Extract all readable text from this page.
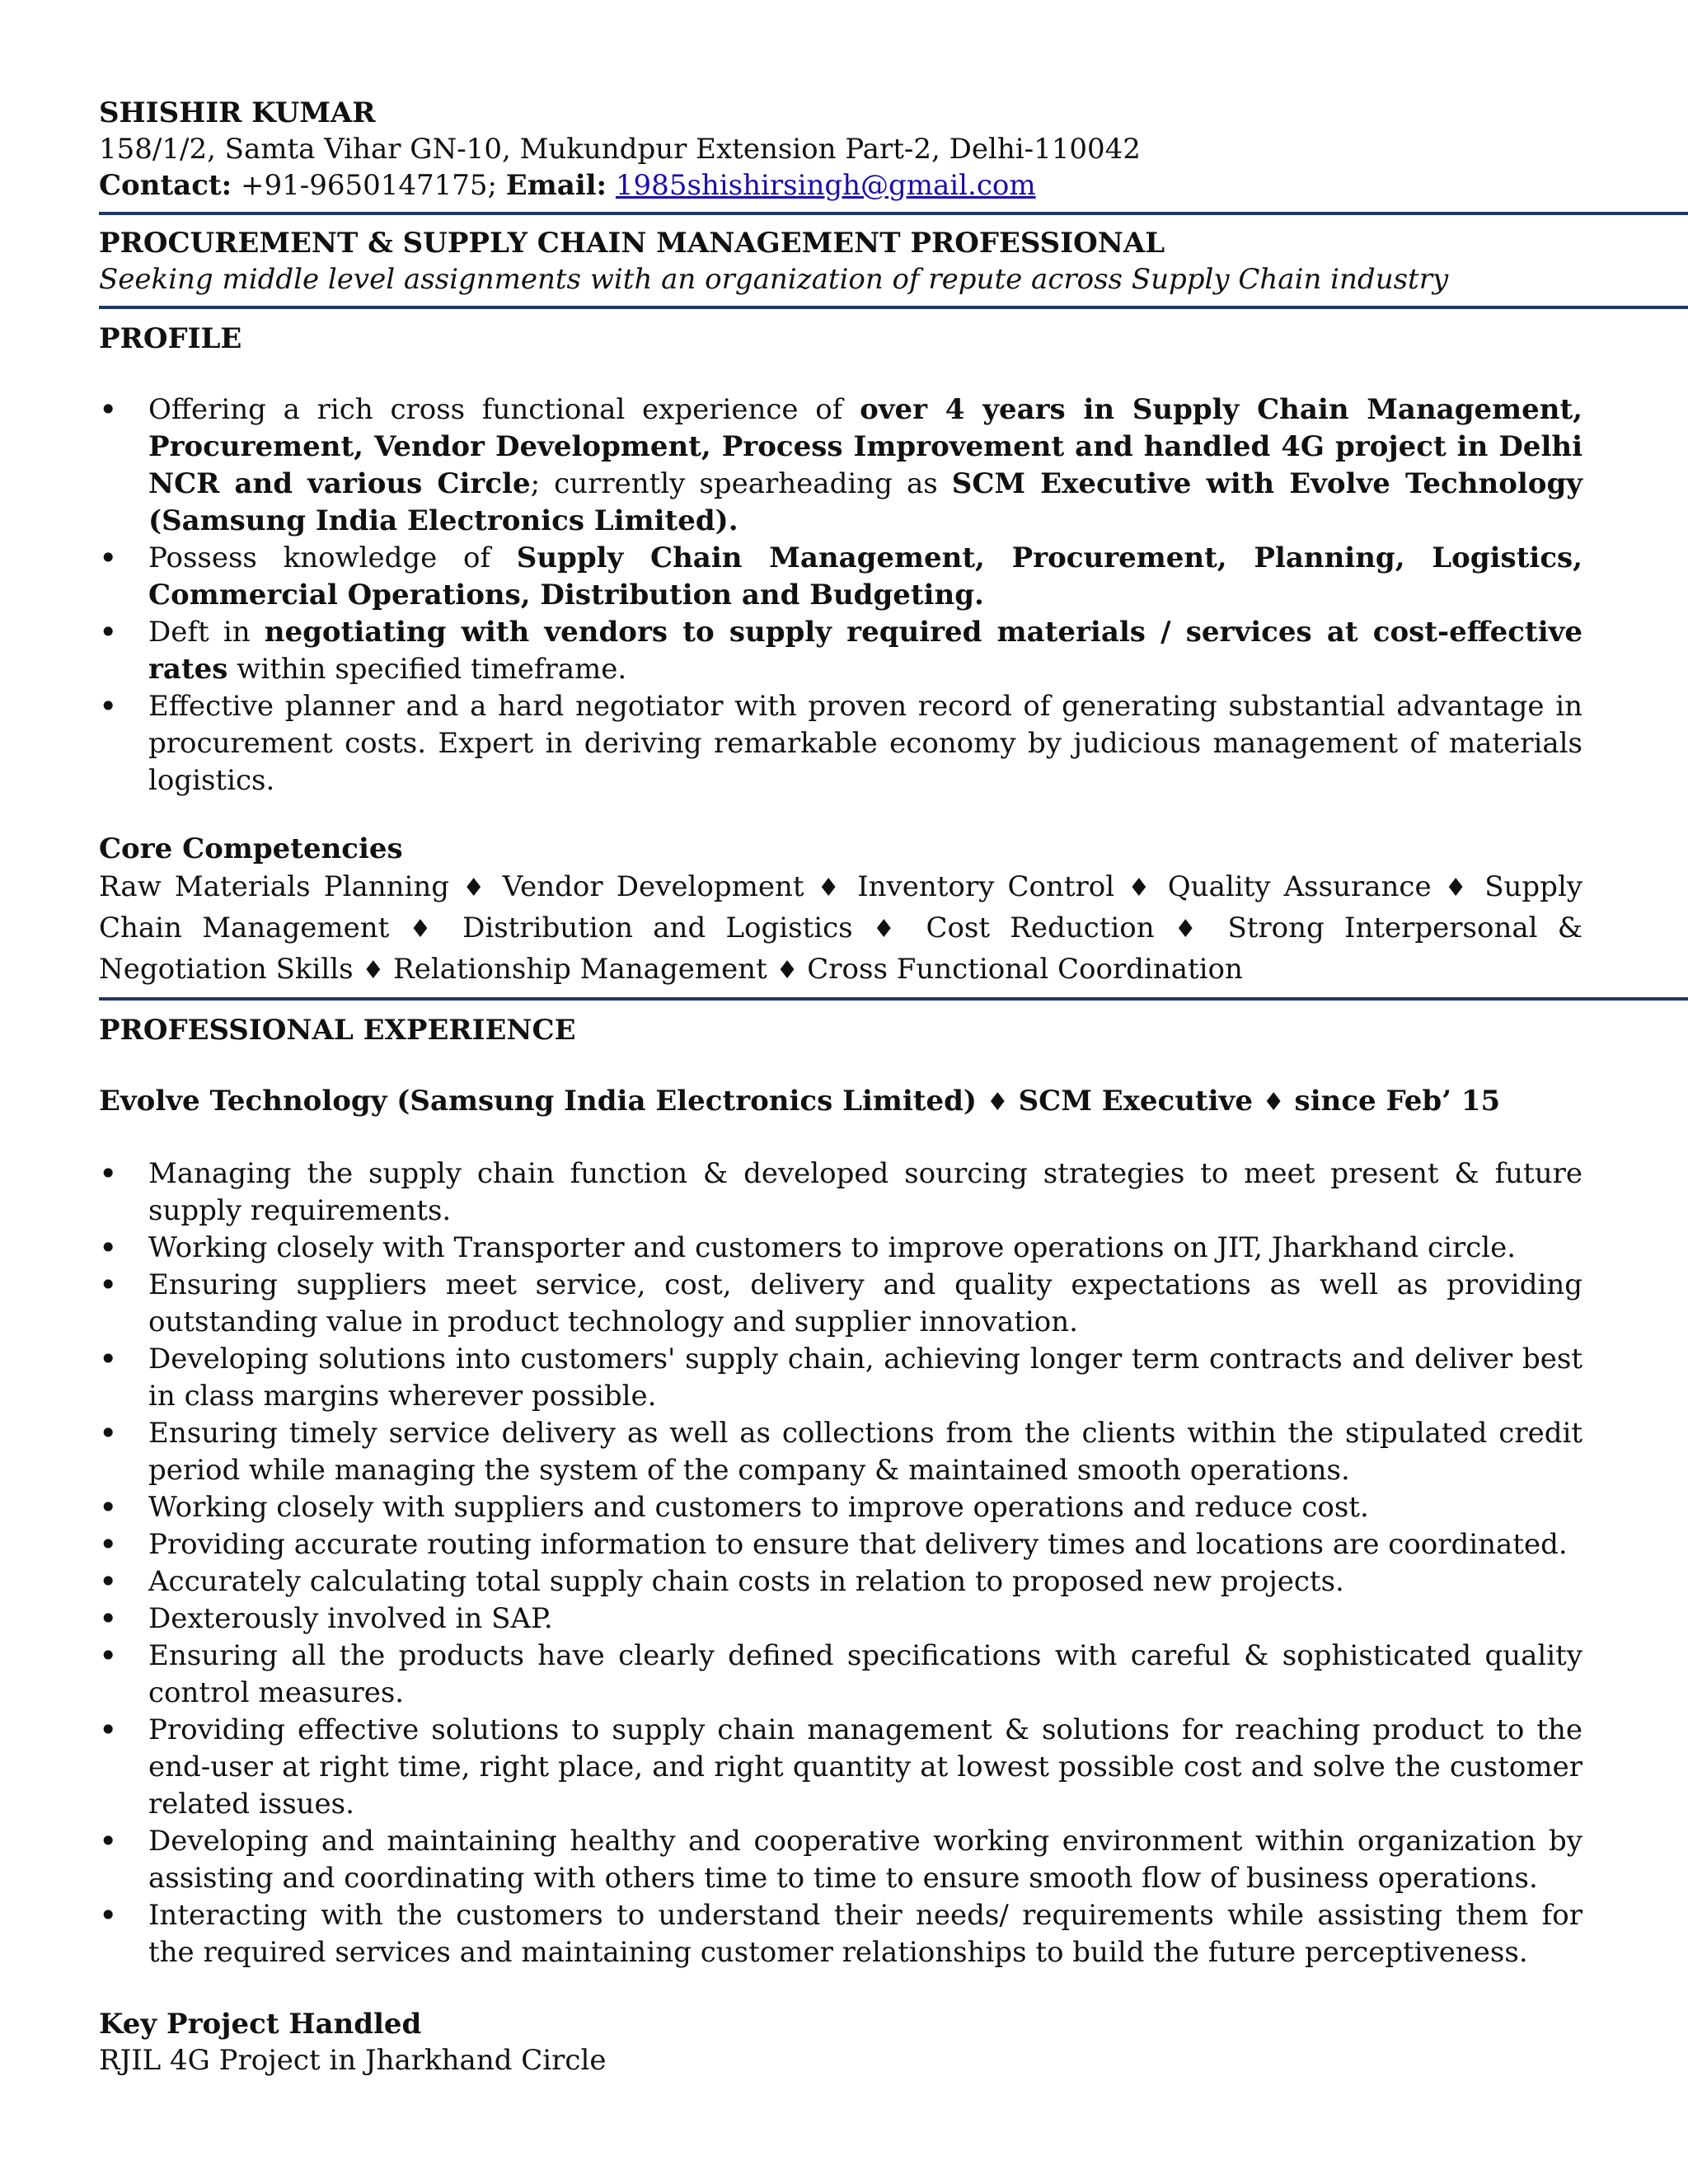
SHISHIR KUMAR
158/1/2, Samta Vihar GN-10, Mukundpur Extension Part-2, Delhi-110042
Contact: +91-9650147175; Email: 1985shishirsingh@gmail.com
PROCUREMENT & SUPPLY CHAIN MANAGEMENT PROFESSIONAL
Seeking middle level assignments with an organization of repute across Supply Chain industry
PROFILE
• Offering a rich cross functional experience of over 4 years in Supply Chain Management, Procurement, Vendor Development, Process Improvement and handled 4G project in Delhi NCR and various Circle; currently spearheading as SCM Executive with Evolve Technology (Samsung India Electronics Limited).
• Possess knowledge of Supply Chain Management, Procurement, Planning, Logistics, Commercial Operations, Distribution and Budgeting.
• Deft in negotiating with vendors to supply required materials / services at cost-effective rates within specified timeframe.
• Effective planner and a hard negotiator with proven record of generating substantial advantage in procurement costs. Expert in deriving remarkable economy by judicious management of materials logistics.
Core Competencies
Raw Materials Planning ♦ Vendor Development ♦ Inventory Control ♦ Quality Assurance ♦ Supply Chain Management ♦ Distribution and Logistics ♦ Cost Reduction ♦ Strong Interpersonal & Negotiation Skills ♦ Relationship Management ♦ Cross Functional Coordination
PROFESSIONAL EXPERIENCE
Evolve Technology (Samsung India Electronics Limited) ♦ SCM Executive ♦ since Feb’ 15
• Managing the supply chain function & developed sourcing strategies to meet present & future supply requirements.
• Working closely with Transporter and customers to improve operations on JIT, Jharkhand circle.
• Ensuring suppliers meet service, cost, delivery and quality expectations as well as providing outstanding value in product technology and supplier innovation.
• Developing solutions into customers' supply chain, achieving longer term contracts and deliver best in class margins wherever possible.
• Ensuring timely service delivery as well as collections from the clients within the stipulated credit period while managing the system of the company & maintained smooth operations.
• Working closely with suppliers and customers to improve operations and reduce cost.
• Providing accurate routing information to ensure that delivery times and locations are coordinated.
• Accurately calculating total supply chain costs in relation to proposed new projects.
• Dexterously involved in SAP.
• Ensuring all the products have clearly defined specifications with careful & sophisticated quality control measures.
• Providing effective solutions to supply chain management & solutions for reaching product to the end-user at right time, right place, and right quantity at lowest possible cost and solve the customer related issues.
• Developing and maintaining healthy and cooperative working environment within organization by assisting and coordinating with others time to time to ensure smooth flow of business operations.
• Interacting with the customers to understand their needs/ requirements while assisting them for the required services and maintaining customer relationships to build the future perceptiveness.
Key Project Handled
RJIL 4G Project in Jharkhand Circle
